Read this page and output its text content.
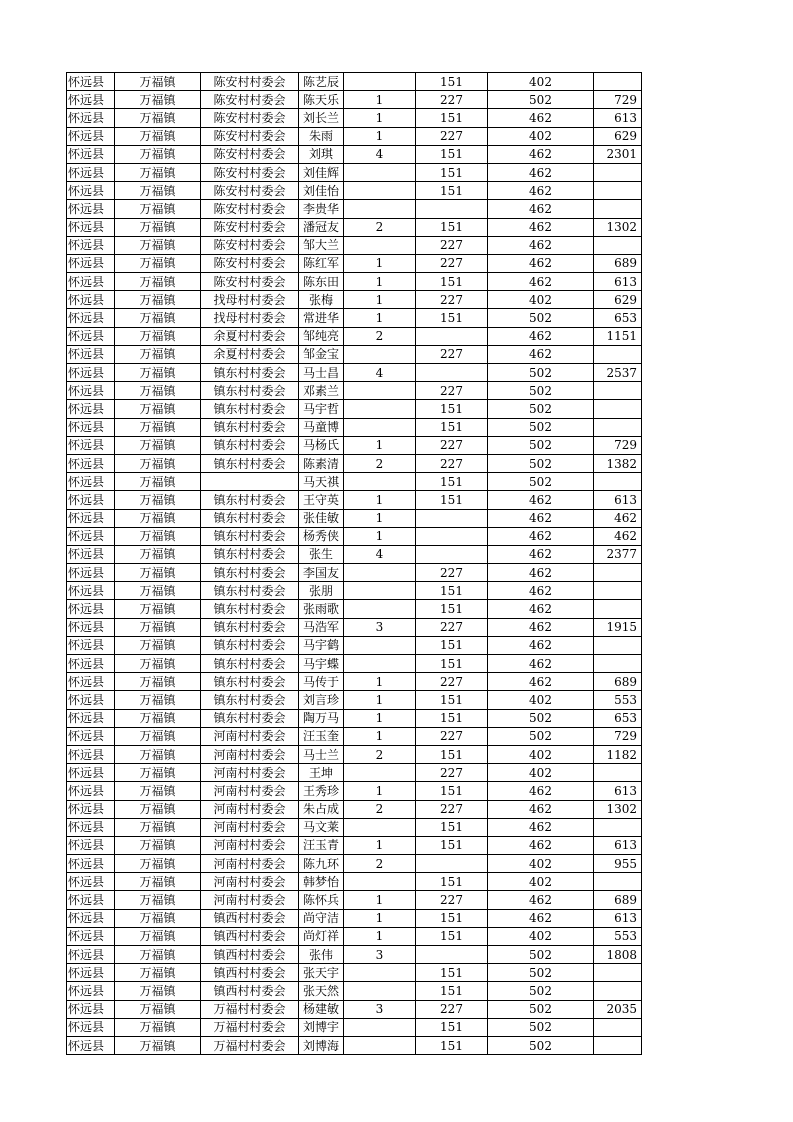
怀远县	万福镇	陈安村村委会	陈艺辰		151	402	
怀远县	万福镇	陈安村村委会	陈天乐	1	227	502	729
怀远县	万福镇	陈安村村委会	刘长兰	1	151	462	613
怀远县	万福镇	陈安村村委会	朱雨	1	227	402	629
怀远县	万福镇	陈安村村委会	刘琪	4	151	462	2301
怀远县	万福镇	陈安村村委会	刘佳辉		151	462	
怀远县	万福镇	陈安村村委会	刘佳怡		151	462	
怀远县	万福镇	陈安村村委会	李贵华			462	
怀远县	万福镇	陈安村村委会	潘冠友	2	151	462	1302
怀远县	万福镇	陈安村村委会	邹大兰		227	462	
怀远县	万福镇	陈安村村委会	陈红军	1	227	462	689
怀远县	万福镇	陈安村村委会	陈东田	1	151	462	613
怀远县	万福镇	找母村村委会	张梅	1	227	402	629
怀远县	万福镇	找母村村委会	常进华	1	151	502	653
怀远县	万福镇	余夏村村委会	邹纯亮	2		462	1151
怀远县	万福镇	余夏村村委会	邹金宝		227	462	
怀远县	万福镇	镇东村村委会	马士昌	4		502	2537
怀远县	万福镇	镇东村村委会	邓素兰		227	502	
怀远县	万福镇	镇东村村委会	马宇哲		151	502	
怀远县	万福镇	镇东村村委会	马童博		151	502	
怀远县	万福镇	镇东村村委会	马杨氏	1	227	502	729
怀远县	万福镇	镇东村村委会	陈素清	2	227	502	1382
怀远县	万福镇		马天祺		151	502	
怀远县	万福镇	镇东村村委会	王守英	1	151	462	613
怀远县	万福镇	镇东村村委会	张佳敏	1		462	462
怀远县	万福镇	镇东村村委会	杨秀侠	1		462	462
怀远县	万福镇	镇东村村委会	张生	4		462	2377
怀远县	万福镇	镇东村村委会	李国友		227	462	
怀远县	万福镇	镇东村村委会	张朋		151	462	
怀远县	万福镇	镇东村村委会	张雨歌		151	462	
怀远县	万福镇	镇东村村委会	马浩军	3	227	462	1915
怀远县	万福镇	镇东村村委会	马宇鹤		151	462	
怀远县	万福镇	镇东村村委会	马宇蝶		151	462	
怀远县	万福镇	镇东村村委会	马传于	1	227	462	689
怀远县	万福镇	镇东村村委会	刘言珍	1	151	402	553
怀远县	万福镇	镇东村村委会	陶万马	1	151	502	653
怀远县	万福镇	河南村村委会	汪玉奎	1	227	502	729
怀远县	万福镇	河南村村委会	马士兰	2	151	402	1182
怀远县	万福镇	河南村村委会	王坤		227	402	
怀远县	万福镇	河南村村委会	王秀珍	1	151	462	613
怀远县	万福镇	河南村村委会	朱占成	2	227	462	1302
怀远县	万福镇	河南村村委会	马文莱		151	462	
怀远县	万福镇	河南村村委会	汪玉青	1	151	462	613
怀远县	万福镇	河南村村委会	陈九环	2		402	955
怀远县	万福镇	河南村村委会	韩梦怡		151	402	
怀远县	万福镇	河南村村委会	陈怀兵	1	227	462	689
怀远县	万福镇	镇西村村委会	尚守洁	1	151	462	613
怀远县	万福镇	镇西村村委会	尚灯祥	1	151	402	553
怀远县	万福镇	镇西村村委会	张伟	3		502	1808
怀远县	万福镇	镇西村村委会	张天宇		151	502	
怀远县	万福镇	镇西村村委会	张天然		151	502	
怀远县	万福镇	万福村村委会	杨建敏	3	227	502	2035
怀远县	万福镇	万福村村委会	刘博宇		151	502	
怀远县	万福镇	万福村村委会	刘博海		151	502	
